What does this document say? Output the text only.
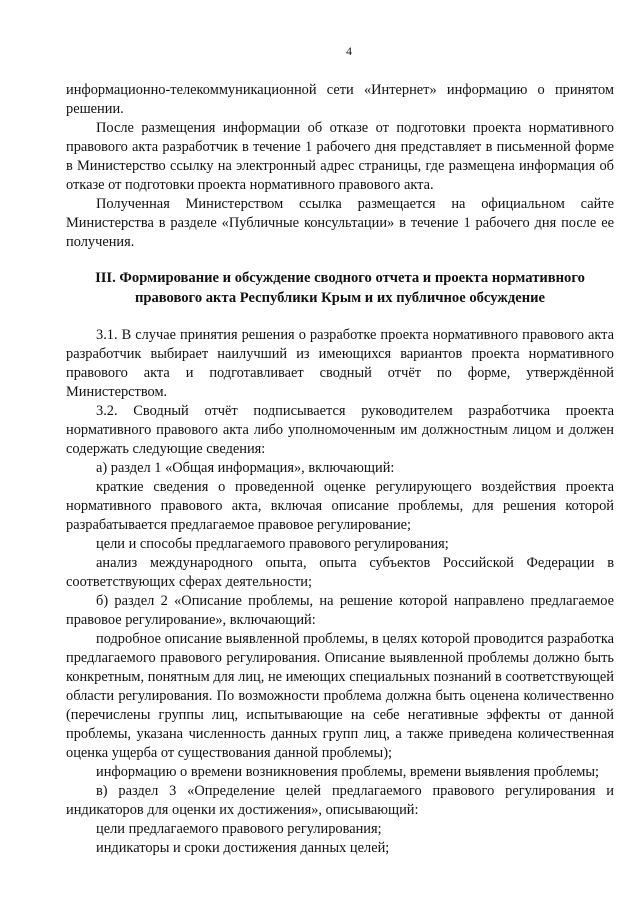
4

информационно-телекоммуникационной сети «Интернет» информацию о принятом решении.

После размещения информации об отказе от подготовки проекта нормативного правового акта разработчик в течение 1 рабочего дня представляет в письменной форме в Министерство ссылку на электронный адрес страницы, где размещена информация об отказе от подготовки проекта нормативного правового акта.

Полученная Министерством ссылка размещается на официальном сайте Министерства в разделе «Публичные консультации» в течение 1 рабочего дня после ее получения.

III. Формирование и обсуждение сводного отчета и проекта нормативного правового акта Республики Крым и их публичное обсуждение

3.1. В случае принятия решения о разработке проекта нормативного правового акта разработчик выбирает наилучший из имеющихся вариантов проекта нормативного правового акта и подготавливает сводный отчёт по форме, утверждённой Министерством.

3.2. Сводный отчёт подписывается руководителем разработчика проекта нормативного правового акта либо уполномоченным им должностным лицом и должен содержать следующие сведения:

а) раздел 1 «Общая информация», включающий:

краткие сведения о проведенной оценке регулирующего воздействия проекта нормативного правового акта, включая описание проблемы, для решения которой разрабатывается предлагаемое правовое регулирование;

цели и способы предлагаемого правового регулирования;

анализ международного опыта, опыта субъектов Российской Федерации в соответствующих сферах деятельности;

б) раздел 2 «Описание проблемы, на решение которой направлено предлагаемое правовое регулирование», включающий:

подробное описание выявленной проблемы, в целях которой проводится разработка предлагаемого правового регулирования. Описание выявленной проблемы должно быть конкретным, понятным для лиц, не имеющих специальных познаний в соответствующей области регулирования. По возможности проблема должна быть оценена количественно (перечислены группы лиц, испытывающие на себе негативные эффекты от данной проблемы, указана численность данных групп лиц, а также приведена количественная оценка ущерба от существования данной проблемы);

информацию о времени возникновения проблемы, времени выявления проблемы;

в) раздел 3 «Определение целей предлагаемого правового регулирования и индикаторов для оценки их достижения», описывающий:

цели предлагаемого правового регулирования;

индикаторы и сроки достижения данных целей;
